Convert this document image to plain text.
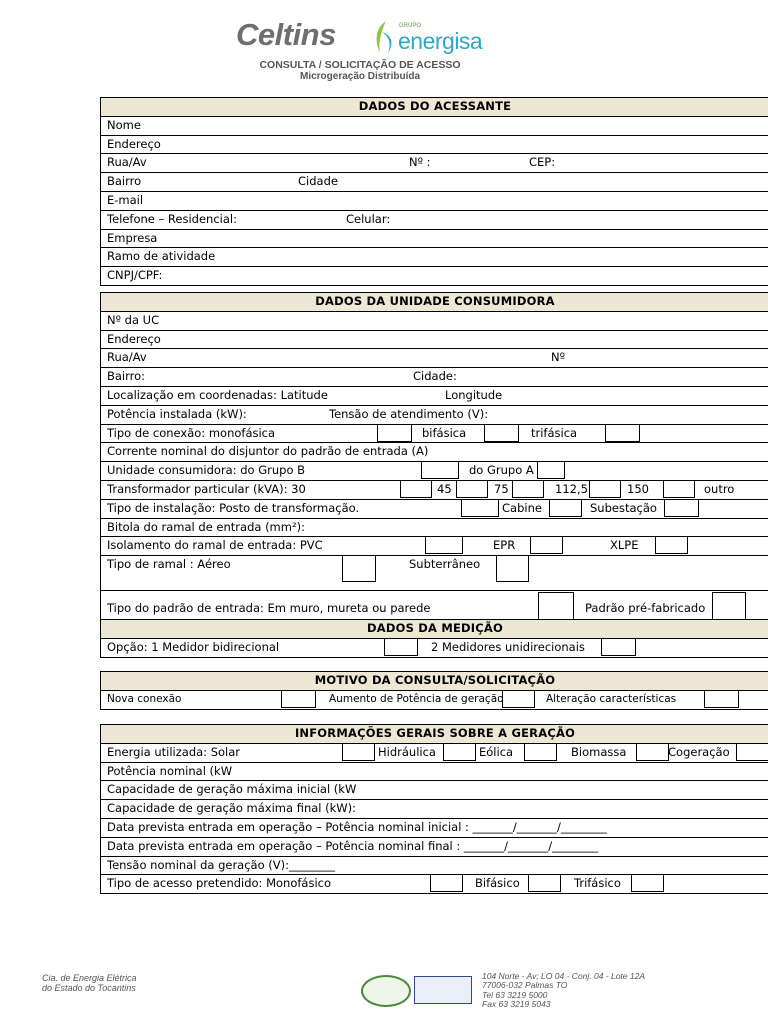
Celtins	GRUPO
energisa
CONSULTA / SOLICITAÇÃO DE ACESSO
Microgeração Distribuída
DADOS DO ACESSANTE
Nome
Endereço
Rua/Av	Nº :	CEP:
Bairro	Cidade
E-mail
Telefone – Residencial:	Celular:
Empresa
Ramo de atividade
CNPJ/CPF:
DADOS DA UNIDADE CONSUMIDORA
Nº da UC
Endereço
Rua/Av	Nº
Bairro:	Cidade:
Localização em coordenadas: Latitude	Longitude
Potência instalada (kW):	Tensão de atendimento (V):
Tipo de conexão: monofásica	bifásica	trifásica
Corrente nominal do disjuntor do padrão de entrada (A)
Unidade consumidora: do Grupo B	do Grupo A
Transformador particular (kVA): 30	45	75	112,5	150	outro
Tipo de instalação: Posto de transformação.	Cabine	Subestação
Bitola do ramal de entrada (mm²):
Isolamento do ramal de entrada: PVC	EPR	XLPE
Tipo de ramal : Aéreo	Subterrâneo
Tipo do padrão de entrada: Em muro, mureta ou parede	Padrão pré-fabricado
DADOS DA MEDIÇÃO
Opção: 1 Medidor bidirecional	2 Medidores unidirecionais
MOTIVO DA CONSULTA/SOLICITAÇÃO
Nova conexão	Aumento de Potência de geração	Alteração características
INFORMAÇÕES GERAIS SOBRE A GERAÇÃO
Energia utilizada: Solar	Hidráulica	Eólica	Biomassa	Cogeração
Potência nominal (kW
Capacidade de geração máxima inicial (kW
Capacidade de geração máxima final (kW):
Data prevista entrada em operação – Potência nominal inicial : _______/_______/________
Data prevista entrada em operação – Potência nominal final : _______/_______/________
Tensão nominal da geração (V):________
Tipo de acesso pretendido: Monofásico	Bifásico	Trifásico
Cia. de Energia Elétrica
do Estado do Tocantins
104 Norte - Av; LO 04 - Conj. 04 - Lote 12A
77006-032 Palmas TO
Tel 63 3219 5000
Fax 63 3219 5043
